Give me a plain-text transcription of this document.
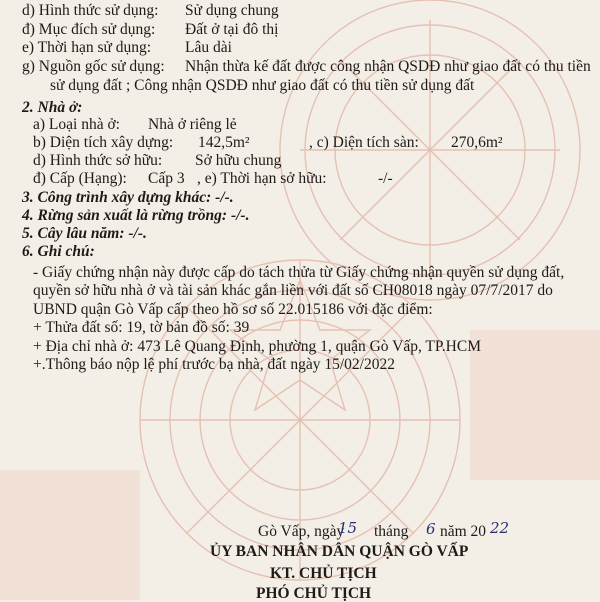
d) Hình thức sử dụng: Sử dụng chung
đ) Mục đích sử dụng: Đất ở tại đô thị
e) Thời hạn sử dụng: Lâu dài
g) Nguồn gốc sử dụng: Nhận thừa kế đất được công nhận QSDĐ như giao đất có thu tiền
sử dụng đất ; Công nhận QSDĐ như giao đất có thu tiền sử dụng đất
2. Nhà ở:
a) Loại nhà ở: Nhà ở riêng lẻ
b) Diện tích xây dựng: 142,5m²	, c) Diện tích sàn: 270,6m²
d) Hình thức sở hữu: Sở hữu chung
đ) Cấp (Hạng): Cấp 3 , e) Thời hạn sở hữu:	-/-
3. Công trình xây dựng khác: -/-.
4. Rừng sản xuất là rừng trồng: -/-.
5. Cây lâu năm: -/-.
6. Ghi chú:
- Giấy chứng nhận này được cấp do tách thửa từ Giấy chứng nhận quyền sử dụng đất,
quyền sở hữu nhà ở và tài sản khác gắn liền với đất số CH08018 ngày 07/7/2017 do
UBND quận Gò Vấp cấp theo hồ sơ số 22.015186 với đặc điểm:
+ Thửa đất số: 19, tờ bản đồ số: 39
+ Địa chỉ nhà ở: 473 Lê Quang Định, phường 1, quận Gò Vấp, TP.HCM
+.Thông báo nộp lệ phí trước bạ nhà, đất ngày 15/02/2022
Gò Vấp, ngày
15 tháng 6 năm 20 22
ỦY BAN NHÂN DÂN QUẬN GÒ VẤP
KT. CHỦ TỊCH
PHÓ CHỦ TỊCH
